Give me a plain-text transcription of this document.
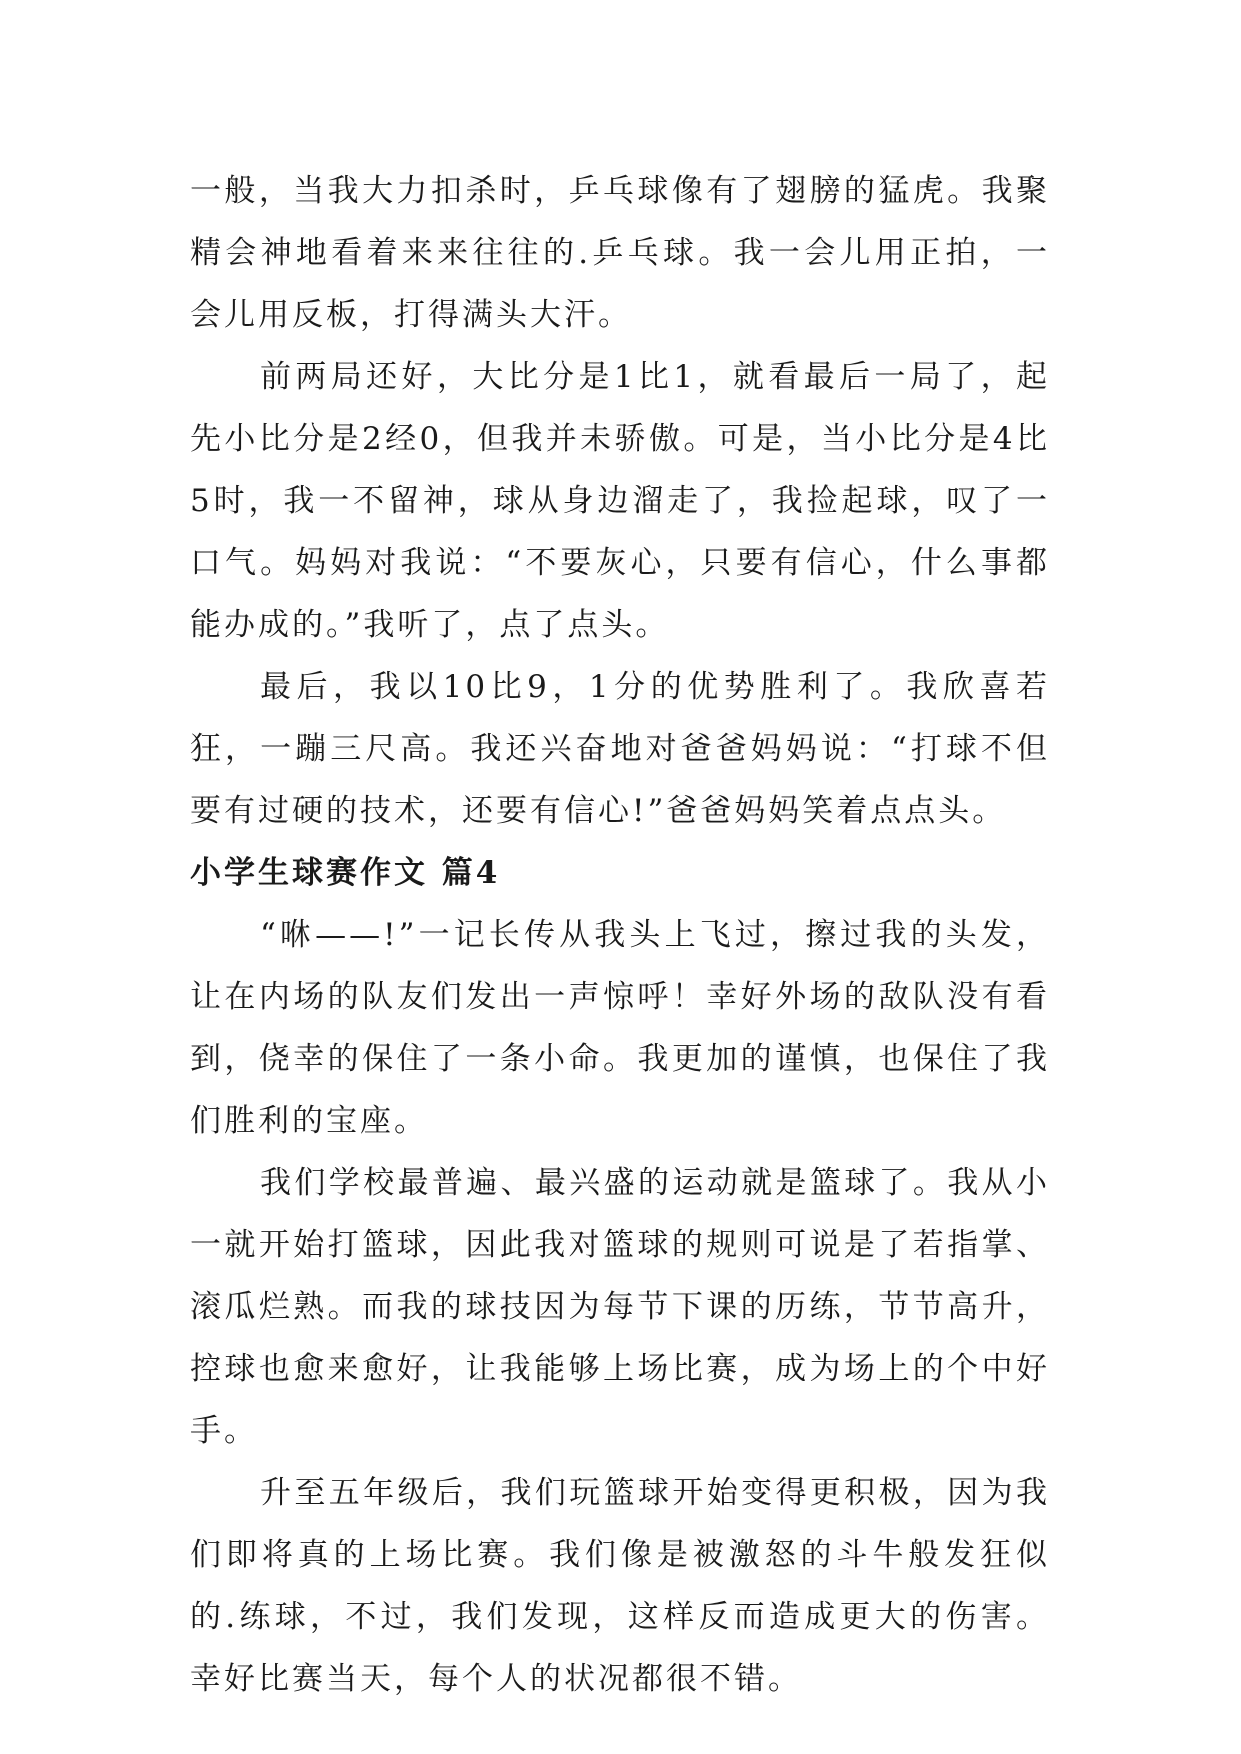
一般，当我大力扣杀时，乒乓球像有了翅膀的猛虎。我聚精会神地看着来来往往的.乒乓球。我一会儿用正拍，一会儿用反板，打得满头大汗。

前两局还好，大比分是1比1，就看最后一局了，起先小比分是2经0，但我并未骄傲。可是，当小比分是4比5时，我一不留神，球从身边溜走了，我捡起球，叹了一口气。妈妈对我说：“不要灰心，只要有信心，什么事都能办成的。”我听了，点了点头。

最后，我以10比9，1分的优势胜利了。我欣喜若狂，一蹦三尺高。我还兴奋地对爸爸妈妈说：“打球不但要有过硬的技术，还要有信心!”爸爸妈妈笑着点点头。

小学生球赛作文 篇4

“咻——!”一记长传从我头上飞过，擦过我的头发，让在内场的队友们发出一声惊呼！幸好外场的敌队没有看到，侥幸的保住了一条小命。我更加的谨慎，也保住了我们胜利的宝座。

我们学校最普遍、最兴盛的运动就是篮球了。我从小一就开始打篮球，因此我对篮球的规则可说是了若指掌、滚瓜烂熟。而我的球技因为每节下课的历练，节节高升，控球也愈来愈好，让我能够上场比赛，成为场上的个中好手。

升至五年级后，我们玩篮球开始变得更积极，因为我们即将真的上场比赛。我们像是被激怒的斗牛般发狂似的.练球，不过，我们发现，这样反而造成更大的伤害。幸好比赛当天，每个人的状况都很不错。
